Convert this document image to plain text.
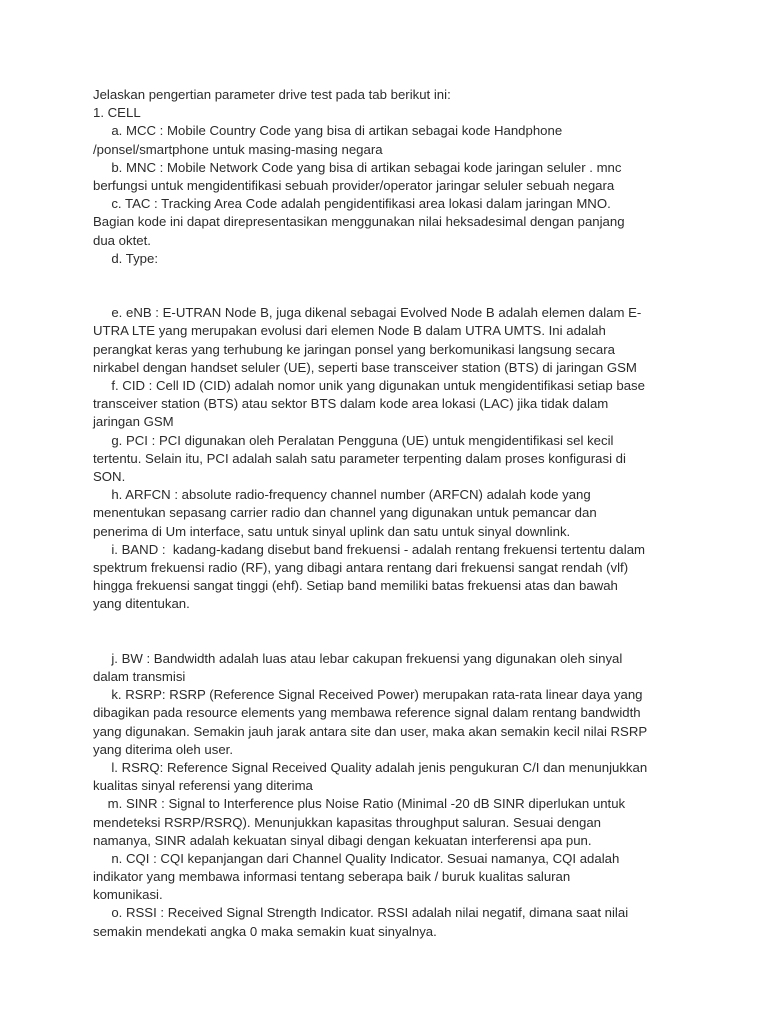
Jelaskan pengertian parameter drive test pada tab berikut ini:
1. CELL
a. MCC : Mobile Country Code yang bisa di artikan sebagai kode Handphone
/ponsel/smartphone untuk masing-masing negara
b. MNC : Mobile Network Code yang bisa di artikan sebagai kode jaringan seluler . mnc
berfungsi untuk mengidentifikasi sebuah provider/operator jaringar seluler sebuah negara
c. TAC : Tracking Area Code adalah pengidentifikasi area lokasi dalam jaringan MNO.
Bagian kode ini dapat direpresentasikan menggunakan nilai heksadesimal dengan panjang
dua oktet.
d. Type:
e. eNB : E-UTRAN Node B, juga dikenal sebagai Evolved Node B adalah elemen dalam E-
UTRA LTE yang merupakan evolusi dari elemen Node B dalam UTRA UMTS. Ini adalah
perangkat keras yang terhubung ke jaringan ponsel yang berkomunikasi langsung secara
nirkabel dengan handset seluler (UE), seperti base transceiver station (BTS) di jaringan GSM
f. CID : Cell ID (CID) adalah nomor unik yang digunakan untuk mengidentifikasi setiap base
transceiver station (BTS) atau sektor BTS dalam kode area lokasi (LAC) jika tidak dalam
jaringan GSM
g. PCI : PCI digunakan oleh Peralatan Pengguna (UE) untuk mengidentifikasi sel kecil
tertentu. Selain itu, PCI adalah salah satu parameter terpenting dalam proses konfigurasi di
SON.
h. ARFCN : absolute radio-frequency channel number (ARFCN) adalah kode yang
menentukan sepasang carrier radio dan channel yang digunakan untuk pemancar dan
penerima di Um interface, satu untuk sinyal uplink dan satu untuk sinyal downlink.
i. BAND :  kadang-kadang disebut band frekuensi - adalah rentang frekuensi tertentu dalam
spektrum frekuensi radio (RF), yang dibagi antara rentang dari frekuensi sangat rendah (vlf)
hingga frekuensi sangat tinggi (ehf). Setiap band memiliki batas frekuensi atas dan bawah
yang ditentukan.
j. BW : Bandwidth adalah luas atau lebar cakupan frekuensi yang digunakan oleh sinyal
dalam transmisi
k. RSRP: RSRP (Reference Signal Received Power) merupakan rata-rata linear daya yang
dibagikan pada resource elements yang membawa reference signal dalam rentang bandwidth
yang digunakan. Semakin jauh jarak antara site dan user, maka akan semakin kecil nilai RSRP
yang diterima oleh user.
l. RSRQ: Reference Signal Received Quality adalah jenis pengukuran C/I dan menunjukkan
kualitas sinyal referensi yang diterima
m. SINR : Signal to Interference plus Noise Ratio (Minimal -20 dB SINR diperlukan untuk
mendeteksi RSRP/RSRQ). Menunjukkan kapasitas throughput saluran. Sesuai dengan
namanya, SINR adalah kekuatan sinyal dibagi dengan kekuatan interferensi apa pun.
n. CQI : CQI kepanjangan dari Channel Quality Indicator. Sesuai namanya, CQI adalah
indikator yang membawa informasi tentang seberapa baik / buruk kualitas saluran
komunikasi.
o. RSSI : Received Signal Strength Indicator. RSSI adalah nilai negatif, dimana saat nilai
semakin mendekati angka 0 maka semakin kuat sinyalnya.
